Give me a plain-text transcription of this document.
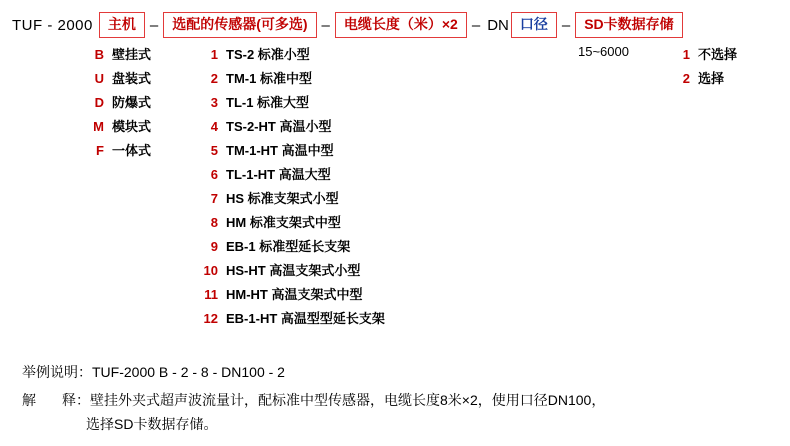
TUF - 2000	主机 –	选配的传感器(可多选) –	电缆长度（米）×2 – DN 口径 –	SD卡数据存储
B 壁挂式
U 盘装式
D 防爆式
M 模块式
F 一体式
1 TS-2 标准小型
2 TM-1 标准中型
3 TL-1 标准大型
4 TS-2-HT 高温小型
5 TM-1-HT 高温中型
6 TL-1-HT 高温大型
7 HS 标准支架式小型
8 HM 标准支架式中型
9 EB-1 标准型延长支架
10 HS-HT 高温支架式小型
11 HM-HT 高温支架式中型
12 EB-1-HT 高温型型延长支架
15~6000	1 不选择
2 选择
举例说明：TUF-2000 B - 2 - 8 - DN100 - 2
解 释：壁挂外夹式超声波流量计，配标准中型传感器，电缆长度8米×2，使用口径DN100，
选择SD卡数据存储。
